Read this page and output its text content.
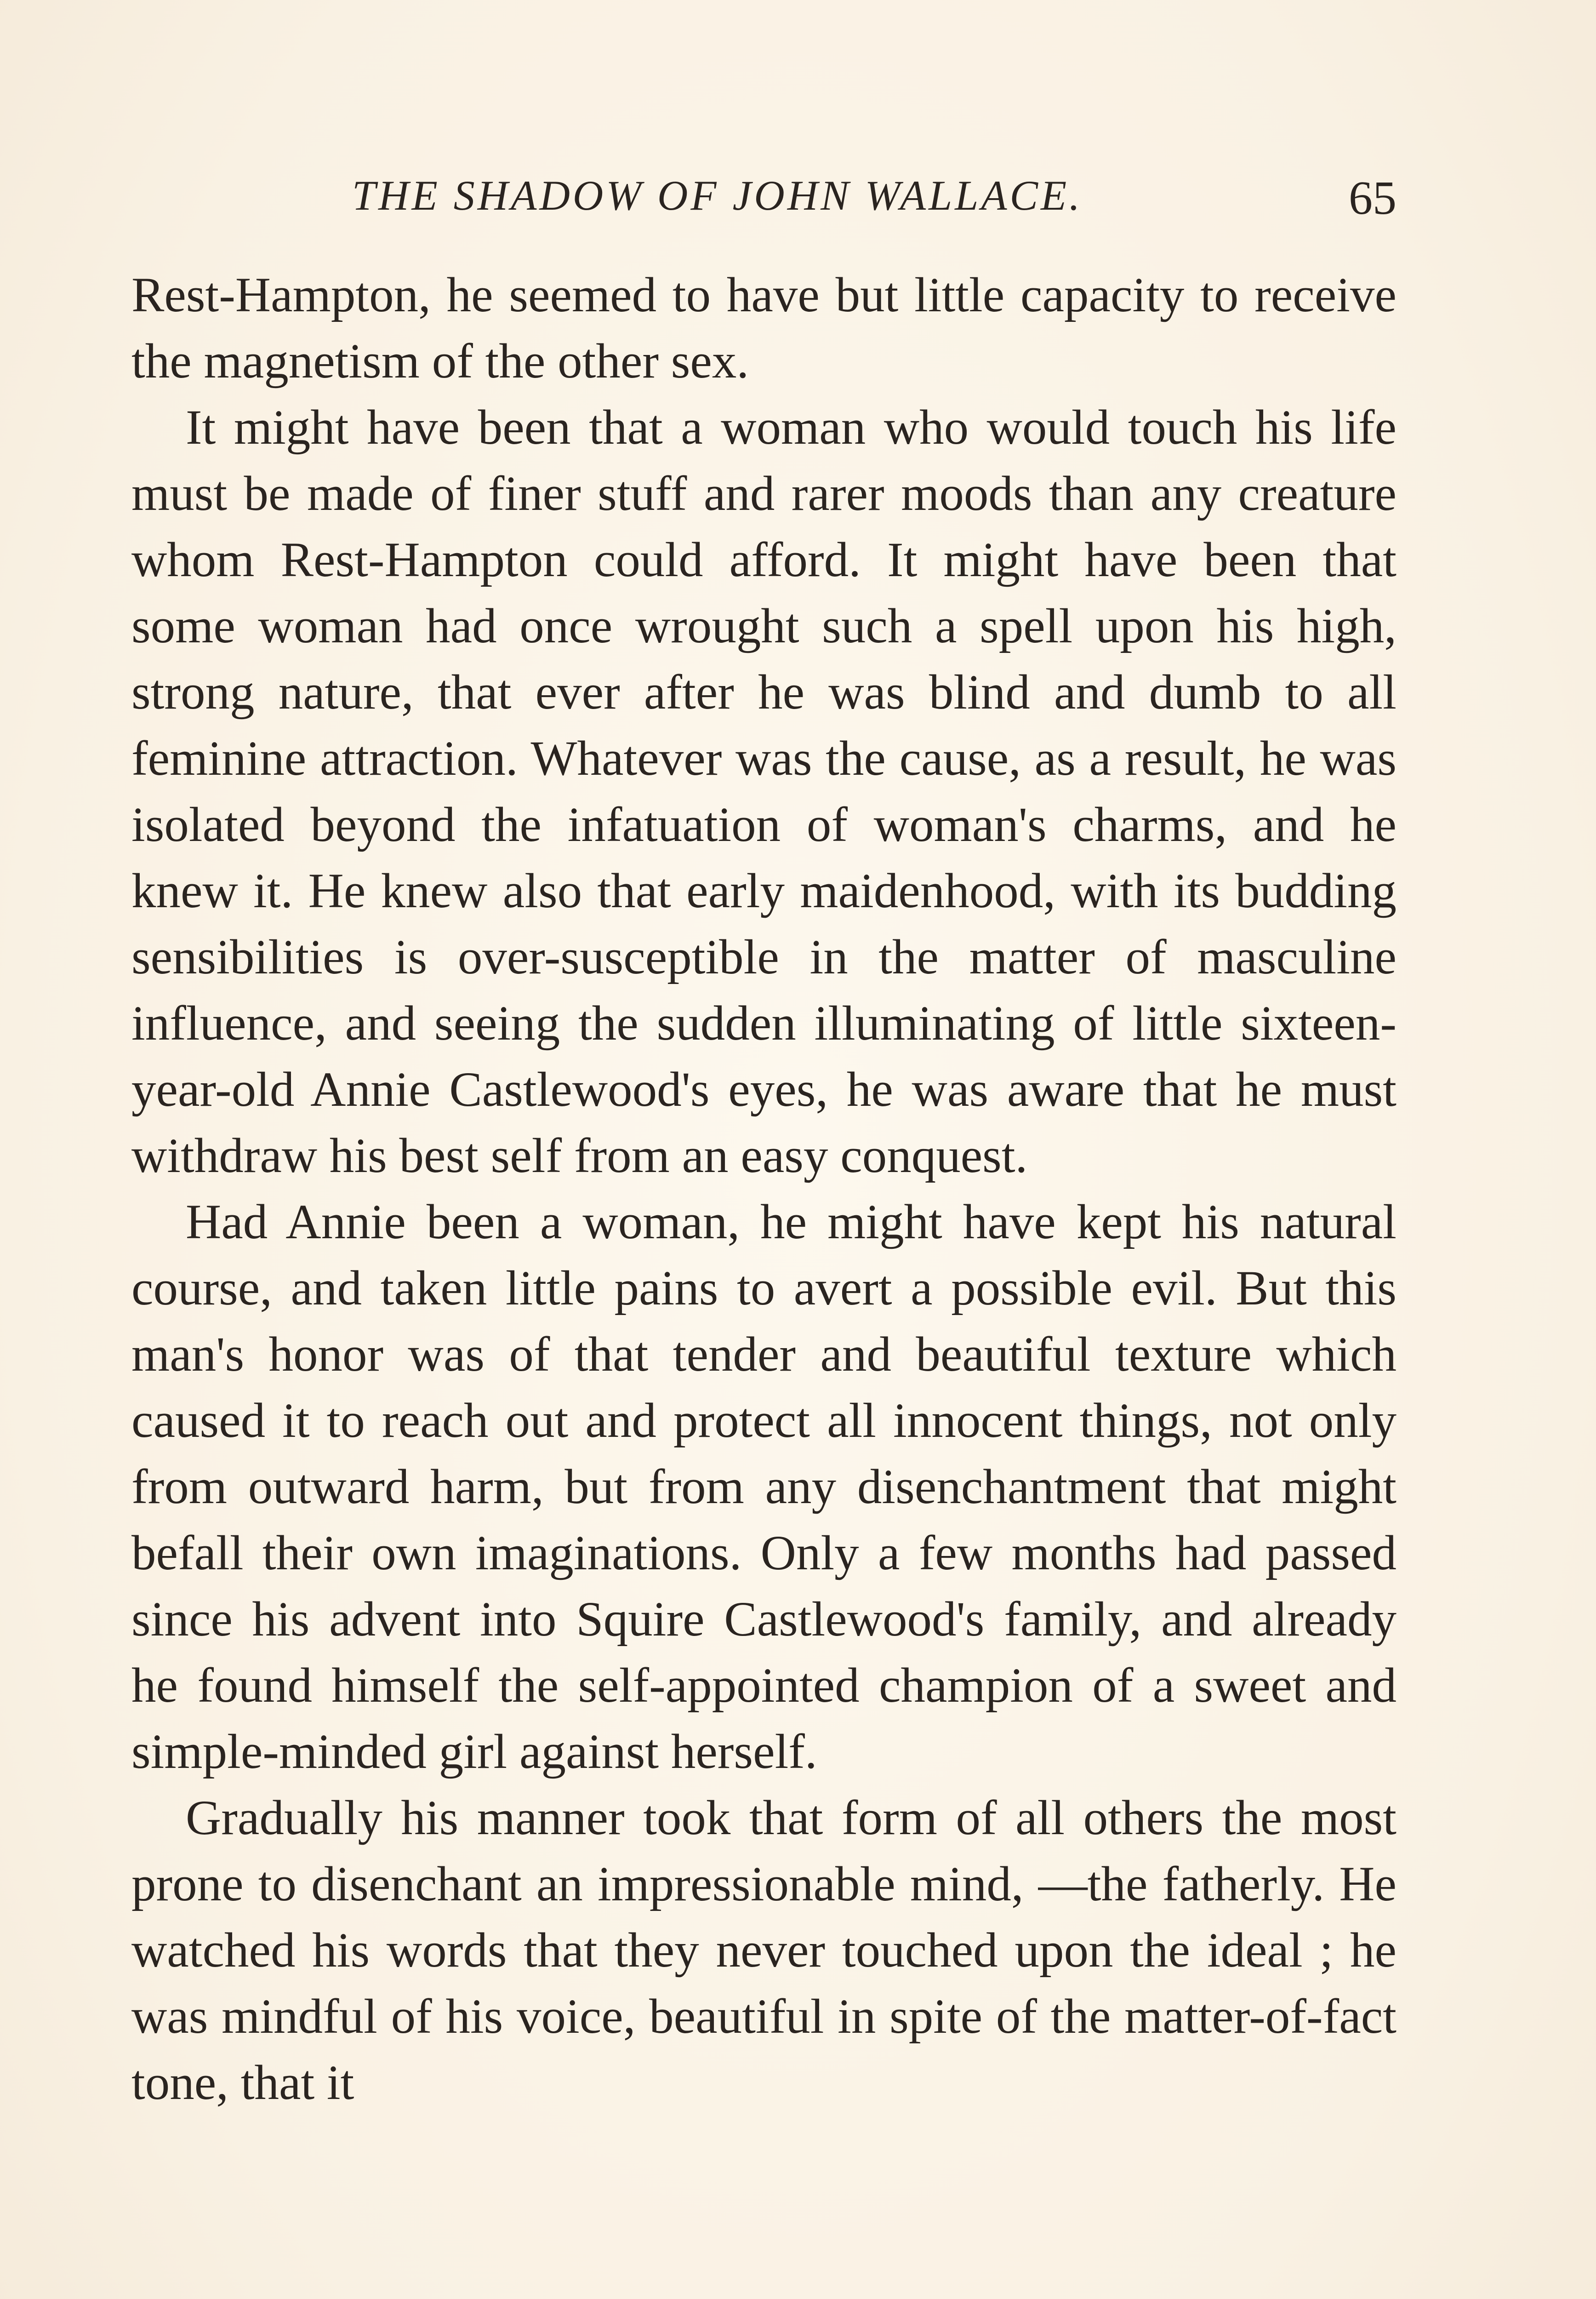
THE SHADOW OF JOHN WALLACE.	65

Rest-Hampton, he seemed to have but little capacity to receive the magnetism of the other sex.

It might have been that a woman who would touch his life must be made of finer stuff and rarer moods than any creature whom Rest-Hampton could afford. It might have been that some woman had once wrought such a spell upon his high, strong nature, that ever after he was blind and dumb to all feminine attraction. Whatever was the cause, as a result, he was isolated beyond the infatuation of woman's charms, and he knew it. He knew also that early maidenhood, with its budding sensibilities is over-susceptible in the matter of masculine influence, and seeing the sudden illuminating of little sixteen-year-old Annie Castlewood's eyes, he was aware that he must withdraw his best self from an easy conquest.

Had Annie been a woman, he might have kept his natural course, and taken little pains to avert a possible evil. But this man's honor was of that tender and beautiful texture which caused it to reach out and protect all innocent things, not only from outward harm, but from any disenchantment that might befall their own imaginations. Only a few months had passed since his advent into Squire Castlewood's family, and already he found himself the self-appointed champion of a sweet and simple-minded girl against herself.

Gradually his manner took that form of all others the most prone to disenchant an impressionable mind, —the fatherly. He watched his words that they never touched upon the ideal ; he was mindful of his voice, beautiful in spite of the matter-of-fact tone, that it
